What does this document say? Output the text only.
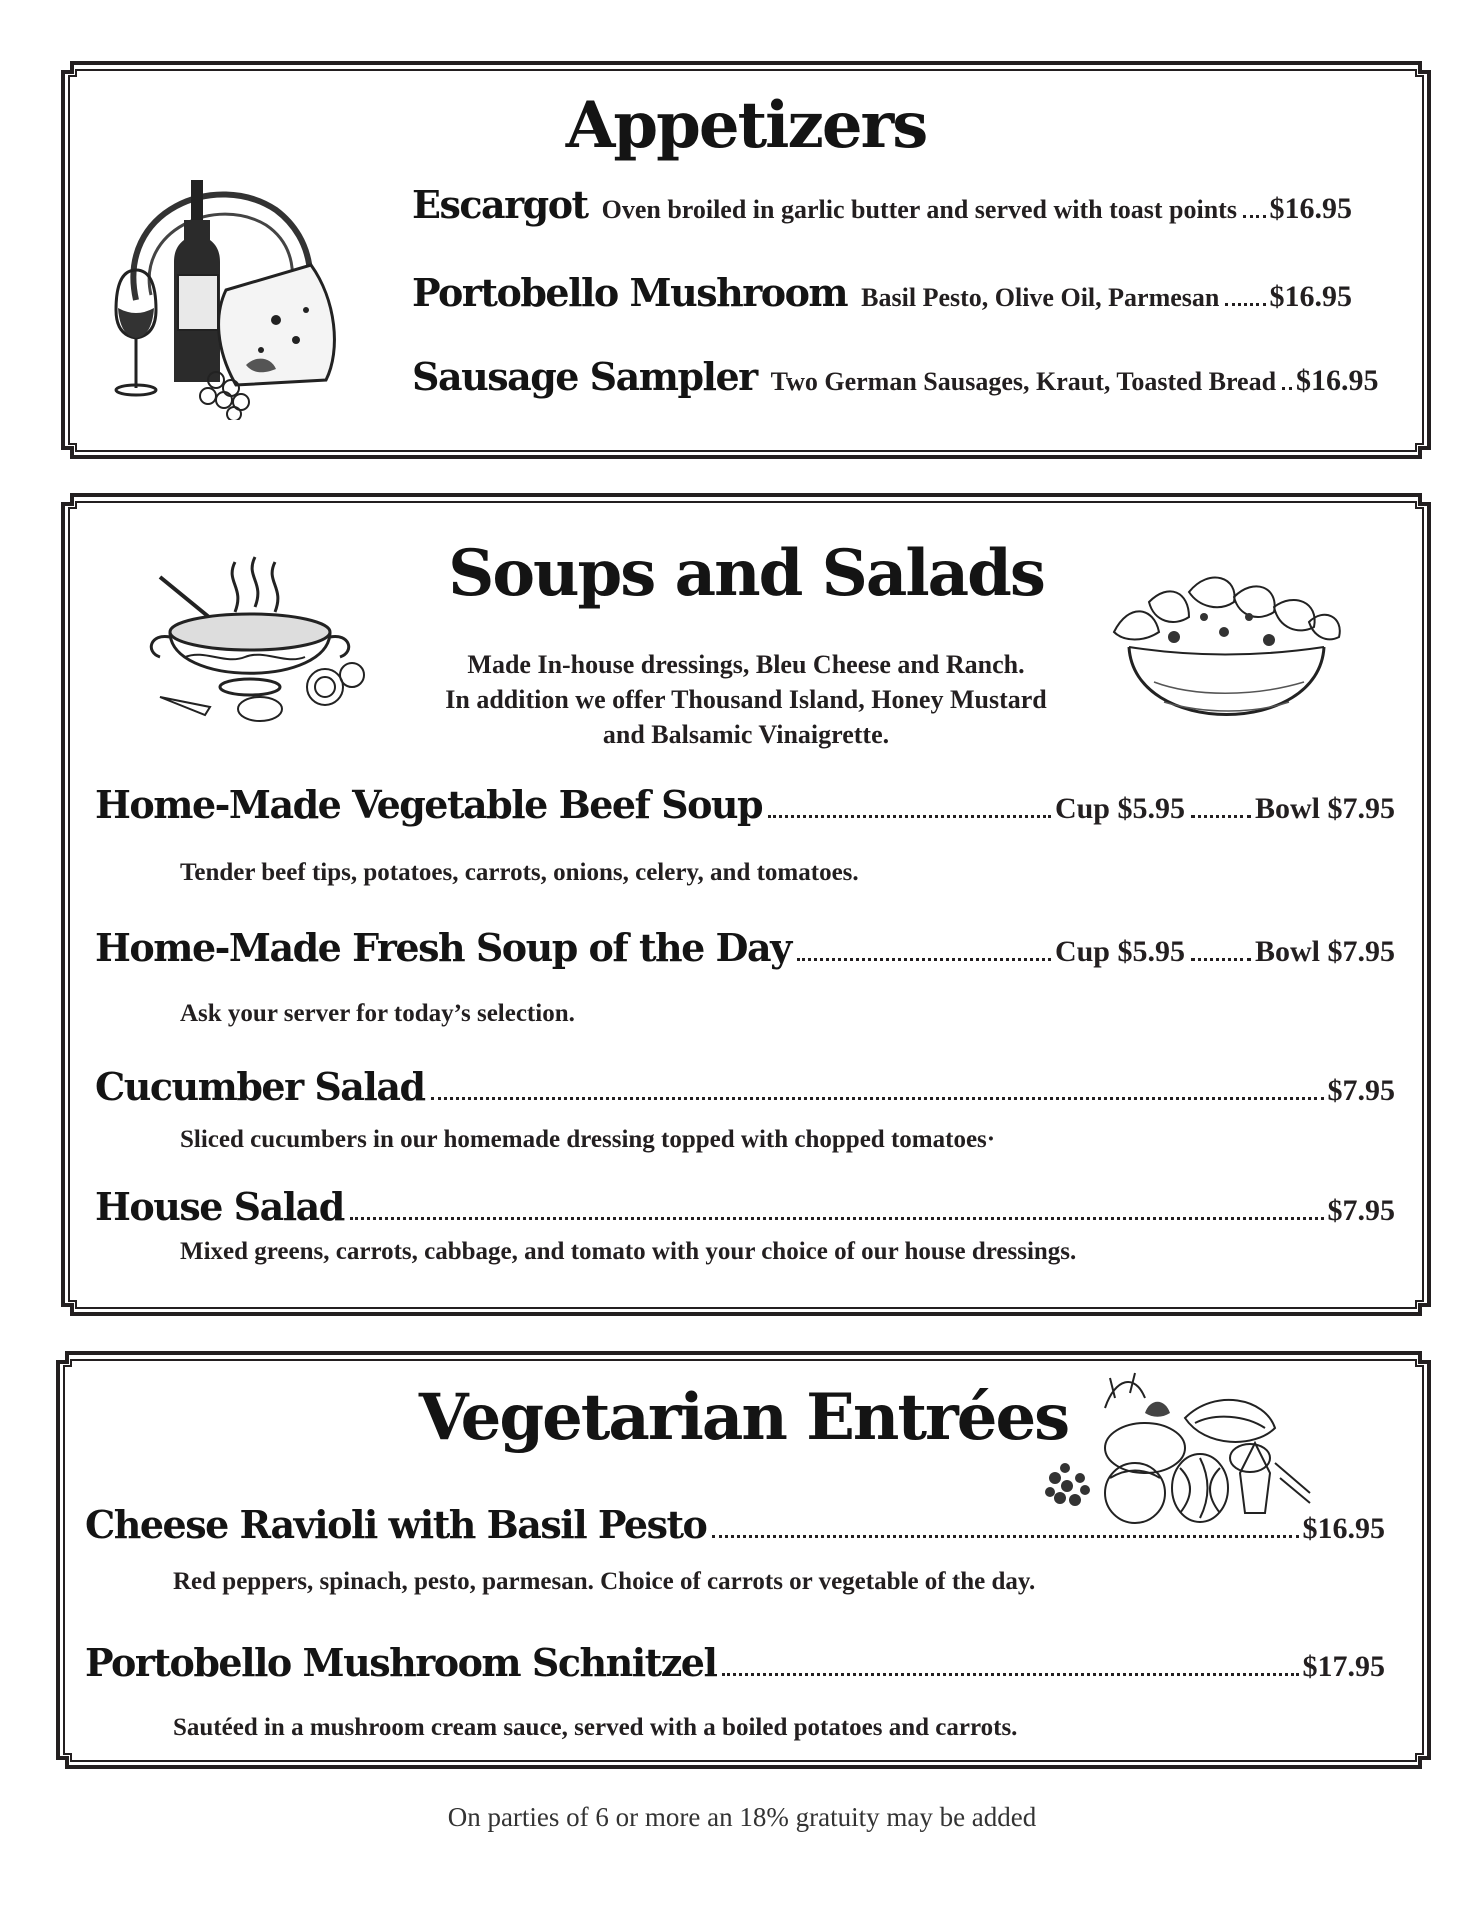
Appetizers
Escargot Oven broiled in garlic butter and served with toast points $16.95
Portobello Mushroom Basil Pesto, Olive Oil, Parmesan $16.95
Sausage Sampler Two German Sausages, Kraut, Toasted Bread $16.95
Soups and Salads
Made In-house dressings, Bleu Cheese and Ranch.
In addition we offer Thousand Island, Honey Mustard
and Balsamic Vinaigrette.
Home-Made Vegetable Beef Soup	Cup $5.95 Bowl $7.95
Tender beef tips, potatoes, carrots, onions, celery, and tomatoes.
Home-Made Fresh Soup of the Day	Cup $5.95 Bowl $7.95
Ask your server for today’s selection.
Cucumber Salad	$7.95
Sliced cucumbers in our homemade dressing topped with chopped tomatoes·
House Salad	$7.95
Mixed greens, carrots, cabbage, and tomato with your choice of our house dressings.
Vegetarian Entrées
Cheese Ravioli with Basil Pesto	$16.95
Red peppers, spinach, pesto, parmesan. Choice of carrots or vegetable of the day.
Portobello Mushroom Schnitzel	$17.95
Sautéed in a mushroom cream sauce, served with a boiled potatoes and carrots.
On parties of 6 or more an 18% gratuity may be added
